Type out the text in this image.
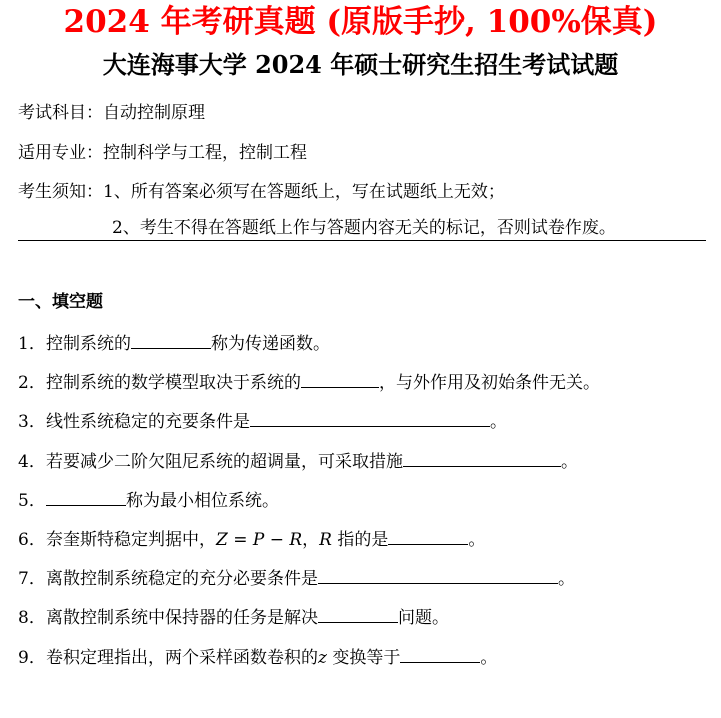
2024 年考研真题 (原版手抄, 100%保真)
大连海事大学 2024 年硕士研究生招生考试试题
考试科目：自动控制原理
适用专业：控制科学与工程，控制工程
考生须知：1、所有答案必须写在答题纸上，写在试题纸上无效；
2、考生不得在答题纸上作与答题内容无关的标记，否则试卷作废。
一、填空题
1．控制系统的	称为传递函数。
2．控制系统的数学模型取决于系统的	，与外作用及初始条件无关。
3．线性系统稳定的充要条件是	。
4．若要减少二阶欠阻尼系统的超调量，可采取措施	。
5．	称为最小相位系统。
6．奈奎斯特稳定判据中，Z = P − R，R 指的是	。
7．离散控制系统稳定的充分必要条件是	。
8．离散控制系统中保持器的任务是解决	问题。
9．卷积定理指出，两个采样函数卷积的z 变换等于	。
